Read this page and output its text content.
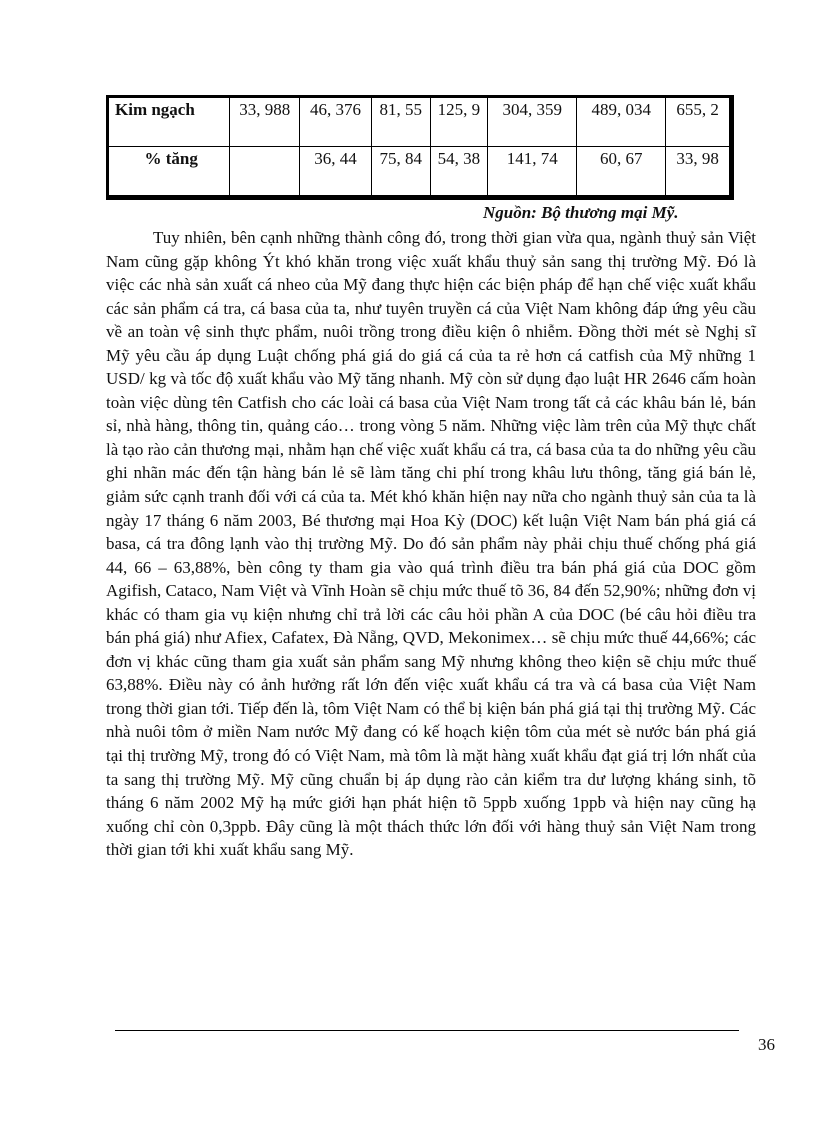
Kim ngạch	33, 988	46, 376	81, 55	125, 9	304, 359	489, 034	655, 2
% tăng		36, 44	75, 84	54, 38	141, 74	60, 67	33, 98
Nguồn: Bộ thương mại Mỹ.

Tuy nhiên, bên cạnh những thành công đó, trong thời gian vừa qua, ngành thuỷ sản Việt Nam cũng gặp không Ýt khó khăn trong việc xuất khẩu thuỷ sản sang thị trường Mỹ. Đó là việc các nhà sản xuất cá nheo của Mỹ đang thực hiện các biện pháp để hạn chế việc xuất khẩu các sản phẩm cá tra, cá basa của ta, như tuyên truyền cá của Việt Nam không đáp ứng yêu cầu về an toàn vệ sinh thực phẩm, nuôi trồng trong điều kiện ô nhiễm. Đồng thời mét sè Nghị sĩ Mỹ yêu cầu áp dụng Luật chống phá giá do giá cá của ta rẻ hơn cá catfish của Mỹ những 1 USD/ kg và tốc độ xuất khẩu vào Mỹ tăng nhanh. Mỹ còn sử dụng đạo luật HR 2646 cấm hoàn toàn việc dùng tên Catfish cho các loài cá basa của Việt Nam trong tất cả các khâu bán lẻ, bán sỉ, nhà hàng, thông tin, quảng cáo… trong vòng 5 năm. Những việc làm trên của Mỹ thực chất là tạo rào cản thương mại, nhằm hạn chế việc xuất khẩu cá tra, cá basa của ta do những yêu cầu ghi nhãn mác đến tận hàng bán lẻ sẽ làm tăng chi phí trong khâu lưu thông, tăng giá bán lẻ, giảm sức cạnh tranh đối với cá của ta. Mét khó khăn hiện nay nữa cho ngành thuỷ sản của ta là ngày 17 tháng 6 năm 2003, Bé thương mại Hoa Kỳ (DOC) kết luận Việt Nam bán phá giá cá basa, cá tra đông lạnh vào thị trường Mỹ. Do đó sản phẩm này phải chịu thuế chống phá giá 44, 66 – 63,88%, bèn công ty tham gia vào quá trình điều tra bán phá giá của DOC gồm Agifish, Cataco, Nam Việt và Vĩnh Hoàn sẽ chịu mức thuế tõ 36, 84 đến 52,90%; những đơn vị khác có tham gia vụ kiện nhưng chỉ trả lời các câu hỏi phần A của DOC (bé câu hỏi điều tra bán phá giá) như Afiex, Cafatex, Đà Nẵng, QVD, Mekonimex… sẽ chịu mức thuế 44,66%; các đơn vị khác cũng tham gia xuất sản phẩm sang Mỹ nhưng không theo kiện sẽ chịu mức thuế 63,88%. Điều này có ảnh hưởng rất lớn đến việc xuất khẩu cá tra và cá basa của Việt Nam trong thời gian tới. Tiếp đến là, tôm Việt Nam có thể bị kiện bán phá giá tại thị trường Mỹ. Các nhà nuôi tôm ở miền Nam nước Mỹ đang có kế hoạch kiện tôm của mét sè nước bán phá giá tại thị trường Mỹ, trong đó có Việt Nam, mà tôm là mặt hàng xuất khẩu đạt giá trị lớn nhất của ta sang thị trường Mỹ. Mỹ cũng chuẩn bị áp dụng rào cản kiểm tra dư lượng kháng sinh, tõ tháng 6 năm 2002 Mỹ hạ mức giới hạn phát hiện tõ 5ppb xuống 1ppb và hiện nay cũng hạ xuống chỉ còn 0,3ppb. Đây cũng là một thách thức lớn đối với hàng thuỷ sản Việt Nam trong thời gian tới khi xuất khẩu sang Mỹ.

36
